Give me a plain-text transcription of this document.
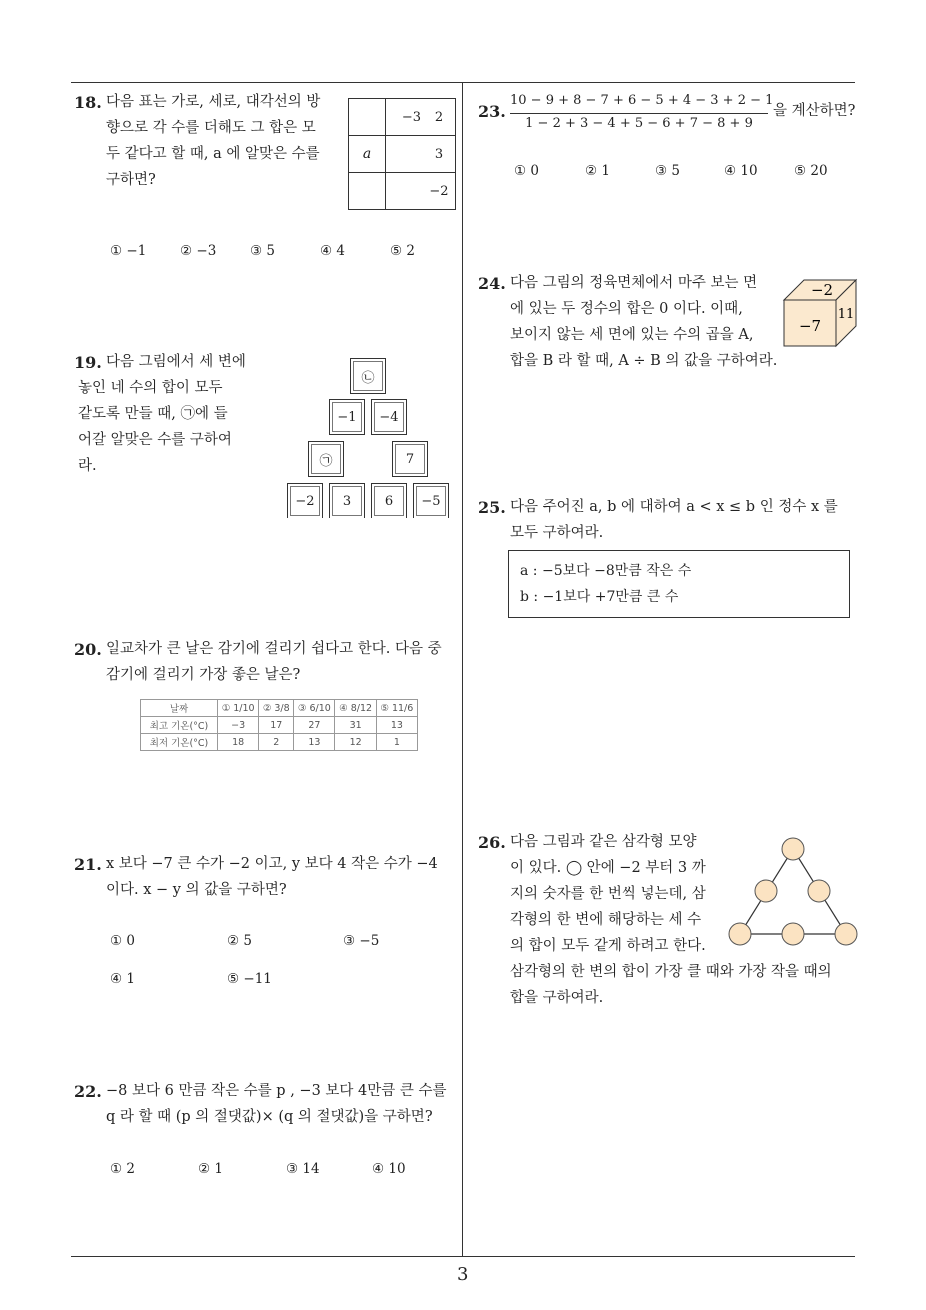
18. 다음 표는 가로, 세로, 대각선의 방
향으로 각 수를 더해도 그 합은 모
두 같다고 할 때, a 에 알맞은 수를
구하면?
	−3	2
a		3
		−2
① −1 ② −3 ③ 5	④ 4	⑤ 2
19. 다음 그림에서 세 변에
놓인 네 수의 합이 모두
같도록 만들 때, ㉠에 들
어갈 알맞은 수를 구하여
라.
㉡
−1	−4
㉠	7
−2	3	6	−5
20. 일교차가 큰 날은 감기에 걸리기 쉽다고 한다. 다음 중
감기에 걸리기 가장 좋은 날은?
날짜	① 1/10	② 3/8	③ 6/10	④ 8/12	⑤ 11/6
최고 기온(°C)	−3	17	27	31	13
최저 기온(°C)	18	2	13	12	1
21. x 보다 −7 큰 수가 −2 이고, y 보다 4 작은 수가 −4
이다. x − y 의 값을 구하면?
① 0	② 5	③ −5
④ 1	⑤ −11
22. −8 보다 6 만큼 작은 수를 p , −3 보다 4만큼 큰 수를
q 라 할 때 (p 의 절댓값)× (q 의 절댓값)을 구하면?
① 2	② 1	③ 14	④ 10
23.
10 − 9 + 8 − 7 + 6 − 5 + 4 − 3 + 2 − 1
1 − 2 + 3 − 4 + 5 − 6 + 7 − 8 + 9
을 계산하면?
① 0	② 1	③ 5	④ 10	⑤ 20
24. 다음 그림의 정육면체에서 마주 보는 면
에 있는 두 정수의 합은 0 이다. 이때,
보이지 않는 세 면에 있는 수의 곱을 A,
합을 B 라 할 때, A ÷ B 의 값을 구하여라.
−2
−7
11
25. 다음 주어진 a, b 에 대하여 a < x ≤ b 인 정수 x 를
모두 구하여라.
a : −5보다 −8만큼 작은 수
b : −1보다 +7만큼 큰 수
26. 다음 그림과 같은 삼각형 모양
이 있다. ◯ 안에 −2 부터 3 까
지의 숫자를 한 번씩 넣는데, 삼
각형의 한 변에 해당하는 세 수
의 합이 모두 같게 하려고 한다.
삼각형의 한 변의 합이 가장 클 때와 가장 작을 때의
합을 구하여라.
3
